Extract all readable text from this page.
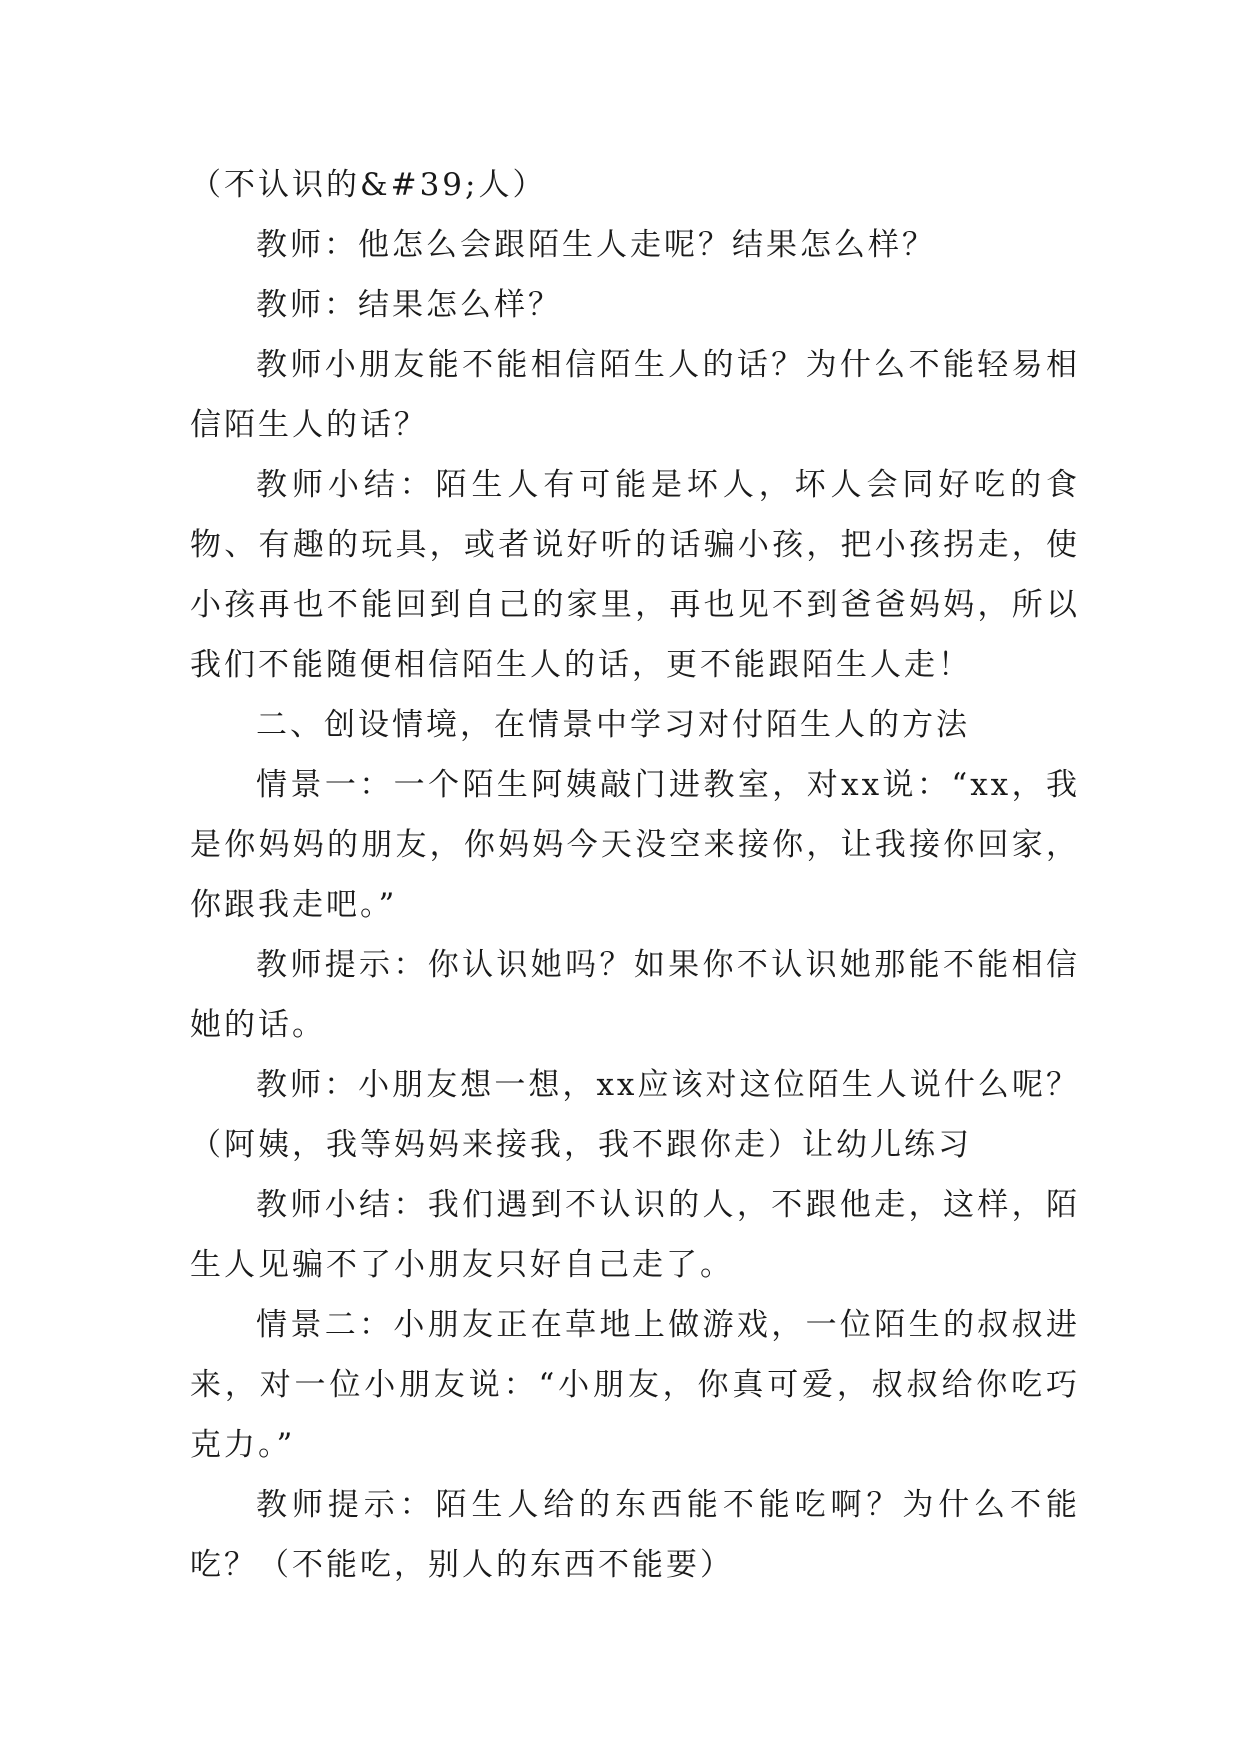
（不认识的&#39;人）

教师：他怎么会跟陌生人走呢？结果怎么样？

教师：结果怎么样？

教师小朋友能不能相信陌生人的话？为什么不能轻易相信陌生人的话？

教师小结：陌生人有可能是坏人，坏人会同好吃的食物、有趣的玩具，或者说好听的话骗小孩，把小孩拐走，使小孩再也不能回到自己的家里，再也见不到爸爸妈妈，所以我们不能随便相信陌生人的话，更不能跟陌生人走！

二、创设情境，在情景中学习对付陌生人的方法

情景一：一个陌生阿姨敲门进教室，对xx说：“xx，我是你妈妈的朋友，你妈妈今天没空来接你，让我接你回家，你跟我走吧。”

教师提示：你认识她吗？如果你不认识她那能不能相信她的话。

教师：小朋友想一想，xx应该对这位陌生人说什么呢？（阿姨，我等妈妈来接我，我不跟你走）让幼儿练习

教师小结：我们遇到不认识的人，不跟他走，这样，陌生人见骗不了小朋友只好自己走了。

情景二：小朋友正在草地上做游戏，一位陌生的叔叔进来，对一位小朋友说：“小朋友，你真可爱，叔叔给你吃巧克力。”

教师提示：陌生人给的东西能不能吃啊？为什么不能吃？（不能吃，别人的东西不能要）
